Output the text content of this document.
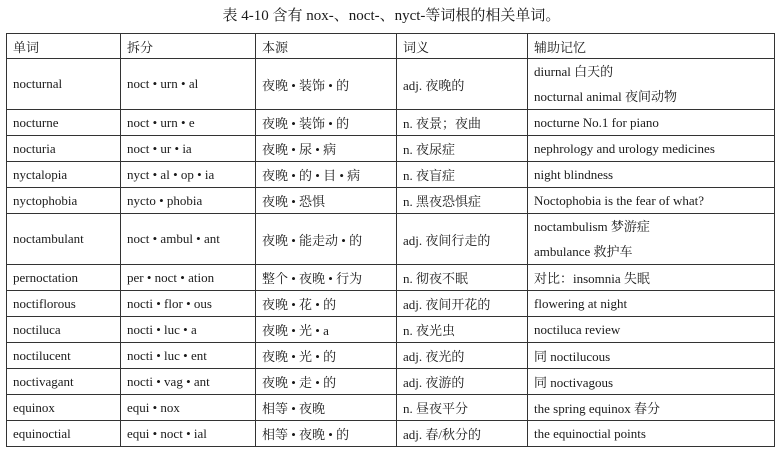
表 4-10 含有 nox-、noct-、nyct-等词根的相关单词。
单词	拆分	本源	词义	辅助记忆
nocturnal	noct • urn • al	夜晚 • 装饰 • 的	adj. 夜晚的	diurnal 白天的
nocturnal animal 夜间动物

nocturne	noct • urn • e	夜晚 • 装饰 • 的	n. 夜景；夜曲	nocturne No.1 for piano
nocturia	noct • ur • ia	夜晚 • 尿 • 病	n. 夜尿症	nephrology and urology medicines
nyctalopia	nyct • al • op • ia	夜晚 • 的 • 目 • 病	n. 夜盲症	night blindness
nyctophobia	nycto • phobia	夜晚 • 恐惧	n. 黑夜恐惧症	Noctophobia is the fear of what?
noctambulant	noct • ambul • ant	夜晚 • 能走动 • 的	adj. 夜间行走的	noctambulism 梦游症
ambulance 救护车

pernoctation	per • noct • ation	整个 • 夜晚 • 行为	n. 彻夜不眠	对比：insomnia 失眠
noctiflorous	nocti • flor • ous	夜晚 • 花 • 的	adj. 夜间开花的	flowering at night
noctiluca	nocti • luc • a	夜晚 • 光 • a	n. 夜光虫	noctiluca review
noctilucent	nocti • luc • ent	夜晚 • 光 • 的	adj. 夜光的	同 noctilucous
noctivagant	nocti • vag • ant	夜晚 • 走 • 的	adj. 夜游的	同 noctivagous
equinox	equi • nox	相等 • 夜晚	n. 昼夜平分	the spring equinox 春分
equinoctial	equi • noct • ial	相等 • 夜晚 • 的	adj. 春/秋分的	the equinoctial points
